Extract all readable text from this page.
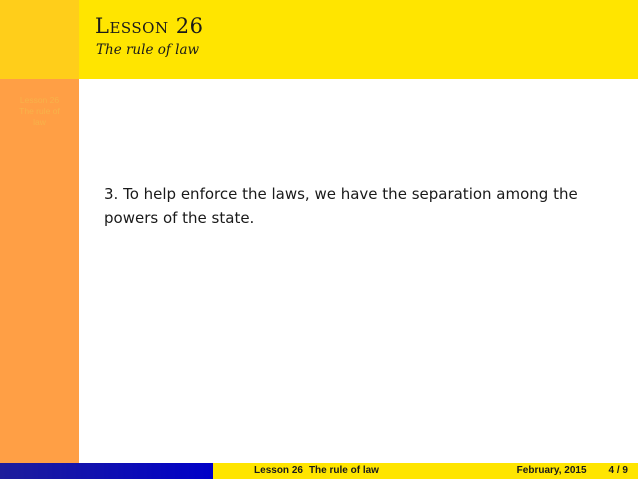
Lesson 26
The rule of
law
Lesson 26
The rule of law
3. To help enforce the laws, we have the separation among the powers of the state.
Lesson 26 The rule of law	February, 2015 4 / 9
